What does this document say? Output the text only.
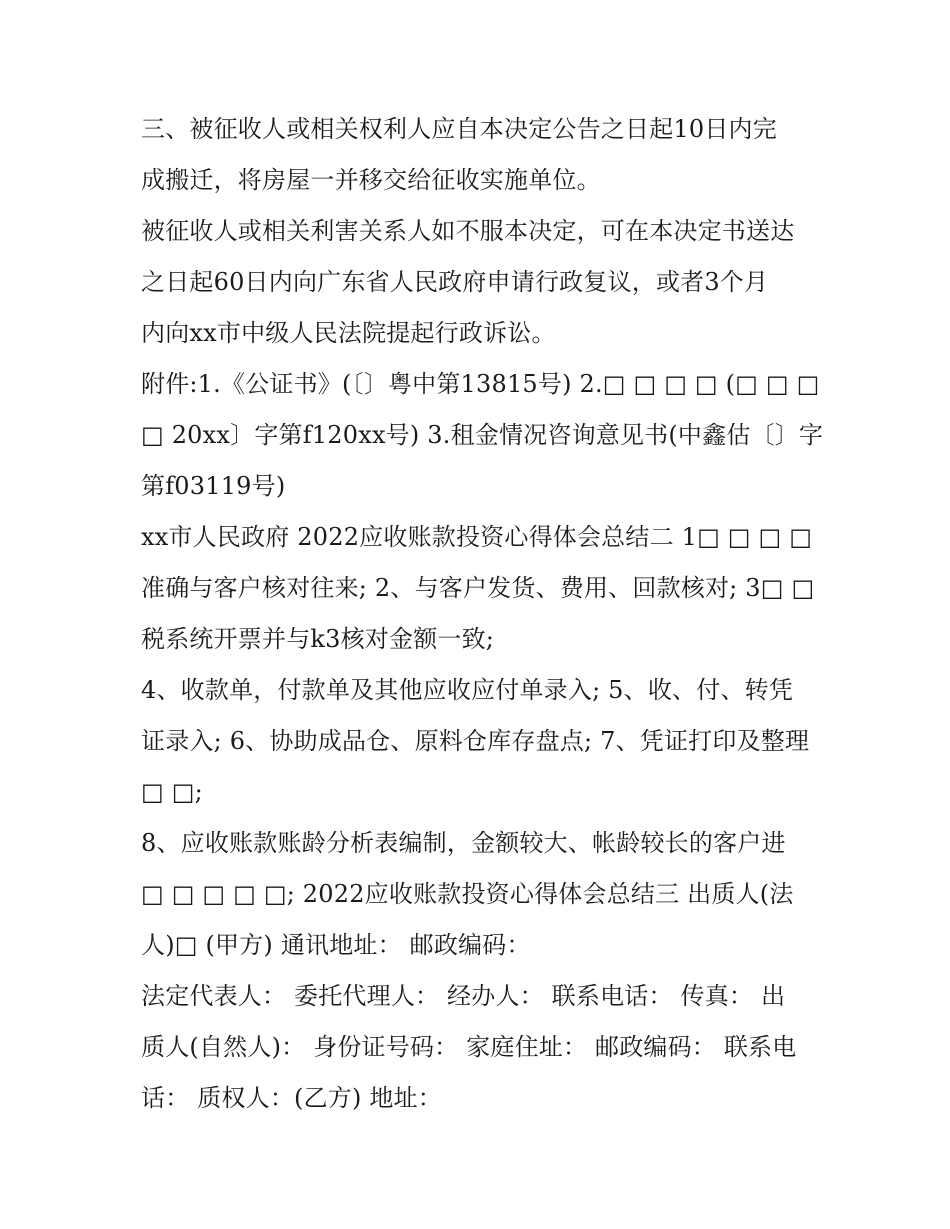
三、被征收人或相关权利人应自本决定公告之日起10日内完
成搬迁，将房屋一并移交给征收实施单位。
被征收人或相关利害关系人如不服本决定，可在本决定书送达
之日起60日内向广东省人民政府申请行政复议，或者3个月
内向xx市中级人民法院提起行政诉讼。
附件:1.《公证书》(〔〕粤中第13815号) 2.□ □ □ □ (□ □ □
□ 20xx〕字第f120xx号) 3.租金情况咨询意见书(中鑫估〔〕字
第f03119号)
xx市人民政府 2022应收账款投资心得体会总结二 1□ □ □ □
准确与客户核对往来; 2、与客户发货、费用、回款核对; 3□ □
税系统开票并与k3核对金额一致;
4、收款单，付款单及其他应收应付单录入; 5、收、付、转凭
证录入; 6、协助成品仓、原料仓库存盘点; 7、凭证打印及整理
□ □;
8、应收账款账龄分析表编制，金额较大、帐龄较长的客户进
□ □ □ □ □; 2022应收账款投资心得体会总结三 出质人(法
人)□ (甲方) 通讯地址： 邮政编码：
法定代表人： 委托代理人： 经办人： 联系电话： 传真： 出
质人(自然人)： 身份证号码： 家庭住址： 邮政编码： 联系电
话： 质权人：(乙方) 地址：
